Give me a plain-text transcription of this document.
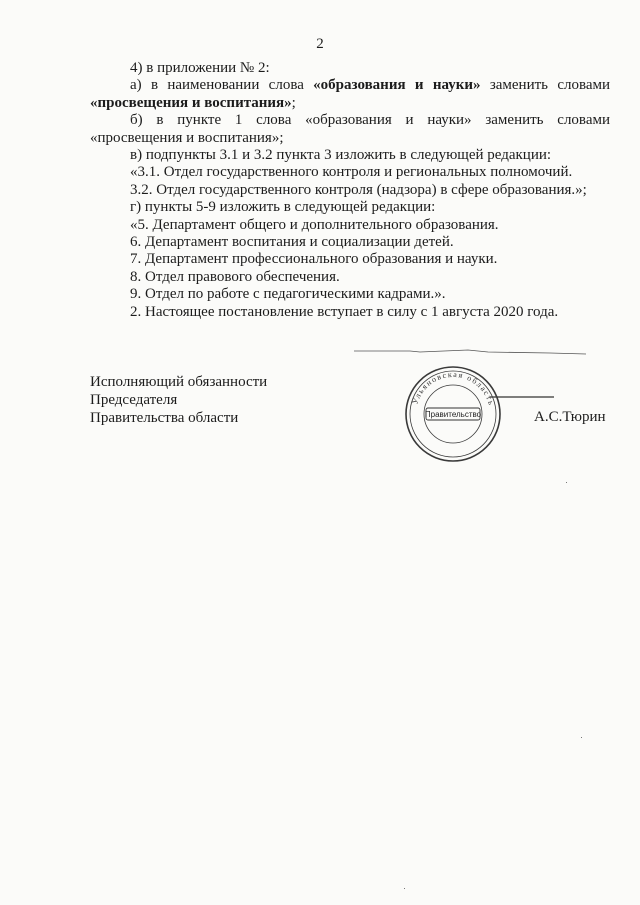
2

4) в приложении № 2:

а) в наименовании слова «образования и науки» заменить словами

«просвещения и воспитания»;

б) в пункте 1 слова «образования и науки» заменить словами

«просвещения и воспитания»;

в) подпункты 3.1 и 3.2 пункта 3 изложить в следующей редакции:

«3.1. Отдел государственного контроля и региональных полномочий.

3.2. Отдел государственного контроля (надзора) в сфере образования.»;

г) пункты 5-9 изложить в следующей редакции:

«5. Департамент общего и дополнительного образования.

6. Департамент воспитания и социализации детей.

7. Департамент профессионального образования и науки.

8. Отдел правового обеспечения.

9. Отдел по работе с педагогическими кадрами.».

2. Настоящее постановление вступает в силу с 1 августа 2020 года.

Исполняющий обязанности
Председателя
Правительства области
Ульяновская область
Правительство	А.С.Тюрин
